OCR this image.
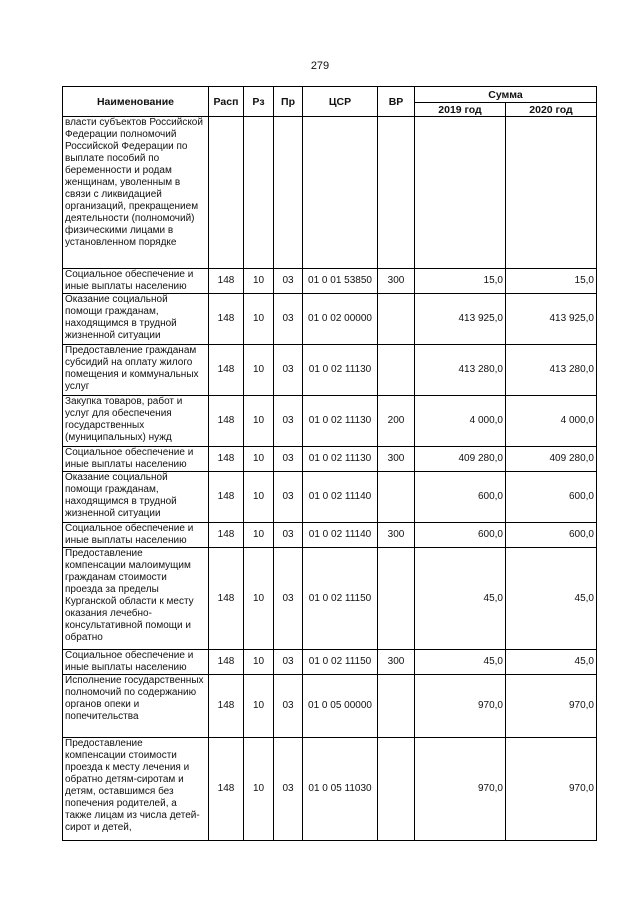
279
Наименование	Расп	Рз	Пр	ЦСР	ВР	Сумма	
						2019 год	2020 год
власти субъектов Российской Федерации полномочий Российской Федерации по выплате пособий по беременности и родам женщинам, уволенным в связи с ликвидацией организаций, прекращением деятельности (полномочий) физическими лицами в установленном порядке							
Социальное обеспечение и иные выплаты населению	148	10	03	01 0 01 53850	300	15,0	15,0
Оказание социальной помощи гражданам, находящимся в трудной жизненной ситуации	148	10	03	01 0 02 00000		413 925,0	413 925,0
Предоставление гражданам субсидий на оплату жилого помещения и коммунальных услуг	148	10	03	01 0 02 11130		413 280,0	413 280,0
Закупка товаров, работ и услуг для обеспечения государственных (муниципальных) нужд	148	10	03	01 0 02 11130	200	4 000,0	4 000,0
Социальное обеспечение и иные выплаты населению	148	10	03	01 0 02 11130	300	409 280,0	409 280,0
Оказание социальной помощи гражданам, находящимся в трудной жизненной ситуации	148	10	03	01 0 02 11140		600,0	600,0
Социальное обеспечение и иные выплаты населению	148	10	03	01 0 02 11140	300	600,0	600,0
Предоставление компенсации малоимущим гражданам стоимости проезда за пределы Курганской области к месту оказания лечебно-консультативной помощи и обратно	148	10	03	01 0 02 11150		45,0	45,0
Социальное обеспечение и иные выплаты населению	148	10	03	01 0 02 11150	300	45,0	45,0
Исполнение государственных полномочий по содержанию органов опеки и попечительства	148	10	03	01 0 05 00000		970,0	970,0
Предоставление компенсации стоимости проезда к месту лечения и обратно детям-сиротам и детям, оставшимся без попечения родителей, а также лицам из числа детей-сирот и детей,	148	10	03	01 0 05 11030		970,0	970,0
